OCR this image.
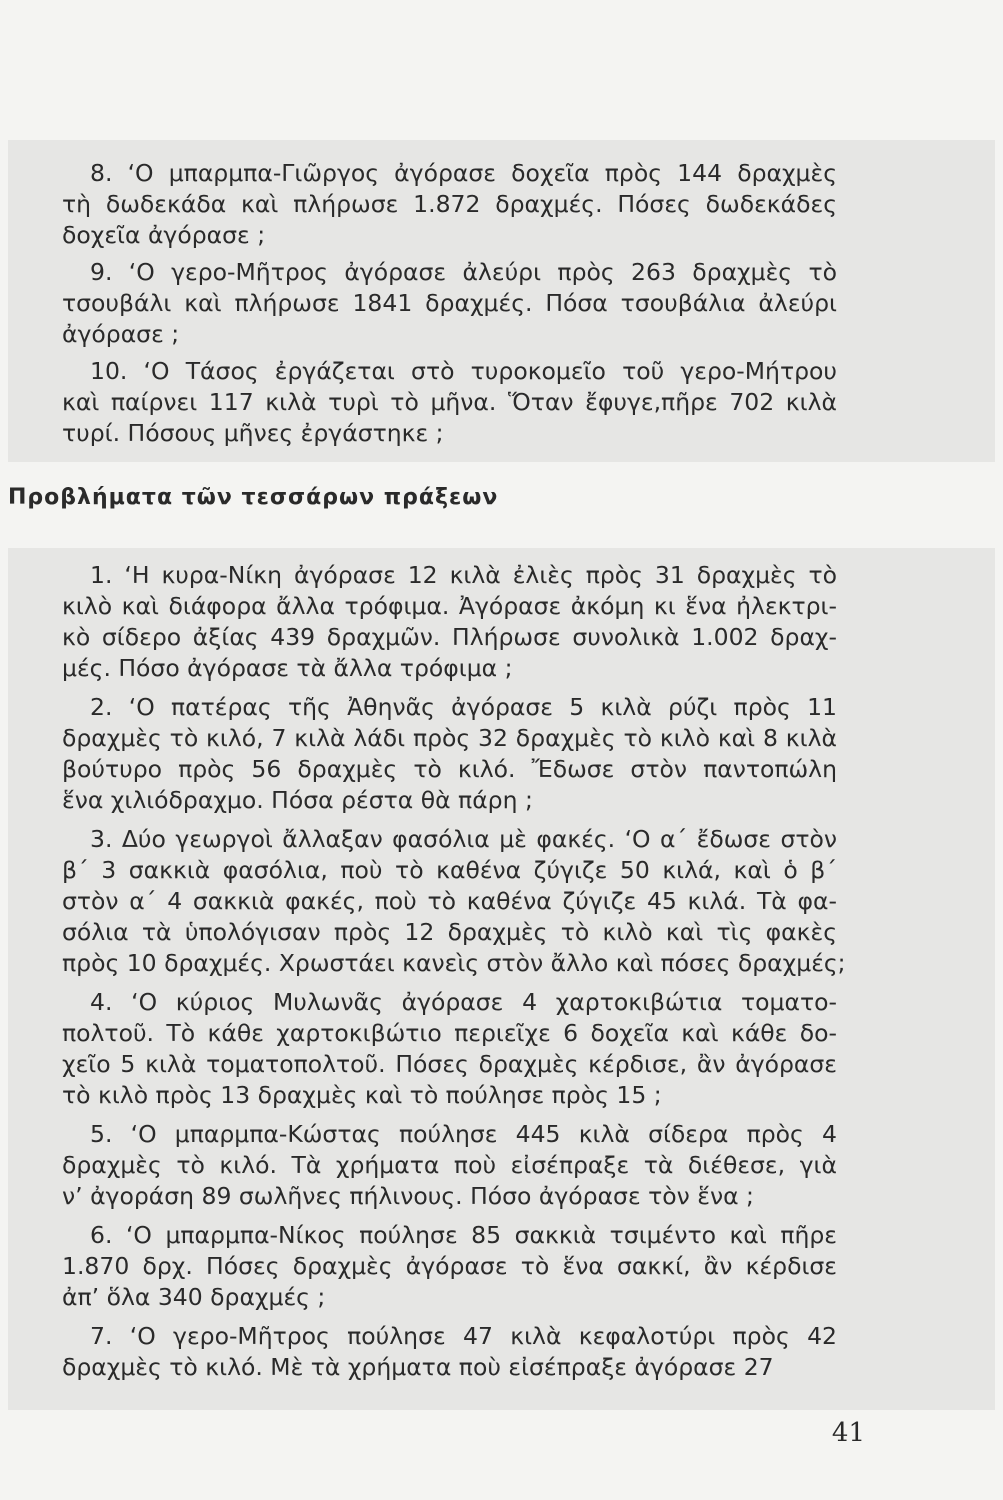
8. ‘Ο μπαρμπα-Γιῶργος ἀγόρασε δοχεῖα πρὸς 144 δραχμὲς
τὴ δωδεκάδα καὶ πλήρωσε 1.872 δραχμές. Πόσες δωδεκάδες
δοχεῖα ἀγόρασε ;

9. ‘Ο γερο-Μῆτρος ἀγόρασε ἀλεύρι πρὸς 263 δραχμὲς τὸ
τσουβάλι καὶ πλήρωσε 1841 δραχμές. Πόσα τσουβάλια ἀλεύρι
ἀγόρασε ;

10. ‘Ο Τάσος ἐργάζεται στὸ τυροκομεῖο τοῦ γερο-Μήτρου
καὶ παίρνει 117 κιλὰ τυρὶ τὸ μῆνα. Ὅταν ἔφυγε,πῆρε 702 κιλὰ
τυρί. Πόσους μῆνες ἐργάστηκε ;

Προβλήματα τῶν τεσσάρων πράξεων

1. ‘Η κυρα-Νίκη ἀγόρασε 12 κιλὰ ἐλιὲς πρὸς 31 δραχμὲς τὸ
κιλὸ καὶ διάφορα ἄλλα τρόφιμα. Ἀγόρασε ἀκόμη κι ἕνα ἠλεκτρι-
κὸ σίδερο ἀξίας 439 δραχμῶν. Πλήρωσε συνολικὰ 1.002 δραχ-
μές. Πόσο ἀγόρασε τὰ ἄλλα τρόφιμα ;

2. ‘Ο πατέρας τῆς Ἀθηνᾶς ἀγόρασε 5 κιλὰ ρύζι πρὸς 11
δραχμὲς τὸ κιλό, 7 κιλὰ λάδι πρὸς 32 δραχμὲς τὸ κιλὸ καὶ 8 κιλὰ
βούτυρο πρὸς 56 δραχμὲς τὸ κιλό. Ἔδωσε στὸν παντοπώλη
ἕνα χιλιόδραχμο. Πόσα ρέστα θὰ πάρη ;

3. Δύο γεωργοὶ ἄλλαξαν φασόλια μὲ φακές. ‘Ο α΄ ἔδωσε στὸν
β΄ 3 σακκιὰ φασόλια, ποὺ τὸ καθένα ζύγιζε 50 κιλά, καὶ ὁ β΄
στὸν α΄ 4 σακκιὰ φακές, ποὺ τὸ καθένα ζύγιζε 45 κιλά. Τὰ φα-
σόλια τὰ ὑπολόγισαν πρὸς 12 δραχμὲς τὸ κιλὸ καὶ τὶς φακὲς
πρὸς 10 δραχμές. Χρωστάει κανεὶς στὸν ἄλλο καὶ πόσες δραχμές;

4. ‘Ο κύριος Μυλωνᾶς ἀγόρασε 4 χαρτοκιβώτια τοματο-
πολτοῦ. Τὸ κάθε χαρτοκιβώτιο περιεῖχε 6 δοχεῖα καὶ κάθε δο-
χεῖο 5 κιλὰ τοματοπολτοῦ. Πόσες δραχμὲς κέρδισε, ἂν ἀγόρασε
τὸ κιλὸ πρὸς 13 δραχμὲς καὶ τὸ πούλησε πρὸς 15 ;

5. ‘Ο μπαρμπα-Κώστας πούλησε 445 κιλὰ σίδερα πρὸς 4
δραχμὲς τὸ κιλό. Τὰ χρήματα ποὺ εἰσέπραξε τὰ διέθεσε, γιὰ
ν’ ἀγοράση 89 σωλῆνες πήλινους. Πόσο ἀγόρασε τὸν ἕνα ;

6. ‘Ο μπαρμπα-Νίκος πούλησε 85 σακκιὰ τσιμέντο καὶ πῆρε
1.870 δρχ. Πόσες δραχμὲς ἀγόρασε τὸ ἕνα σακκί, ἂν κέρδισε
ἀπ’ ὅλα 340 δραχμές ;

7. ‘Ο γερο-Μῆτρος πούλησε 47 κιλὰ κεφαλοτύρι πρὸς 42
δραχμὲς τὸ κιλό. Μὲ τὰ χρήματα ποὺ εἰσέπραξε ἀγόρασε 27

41
